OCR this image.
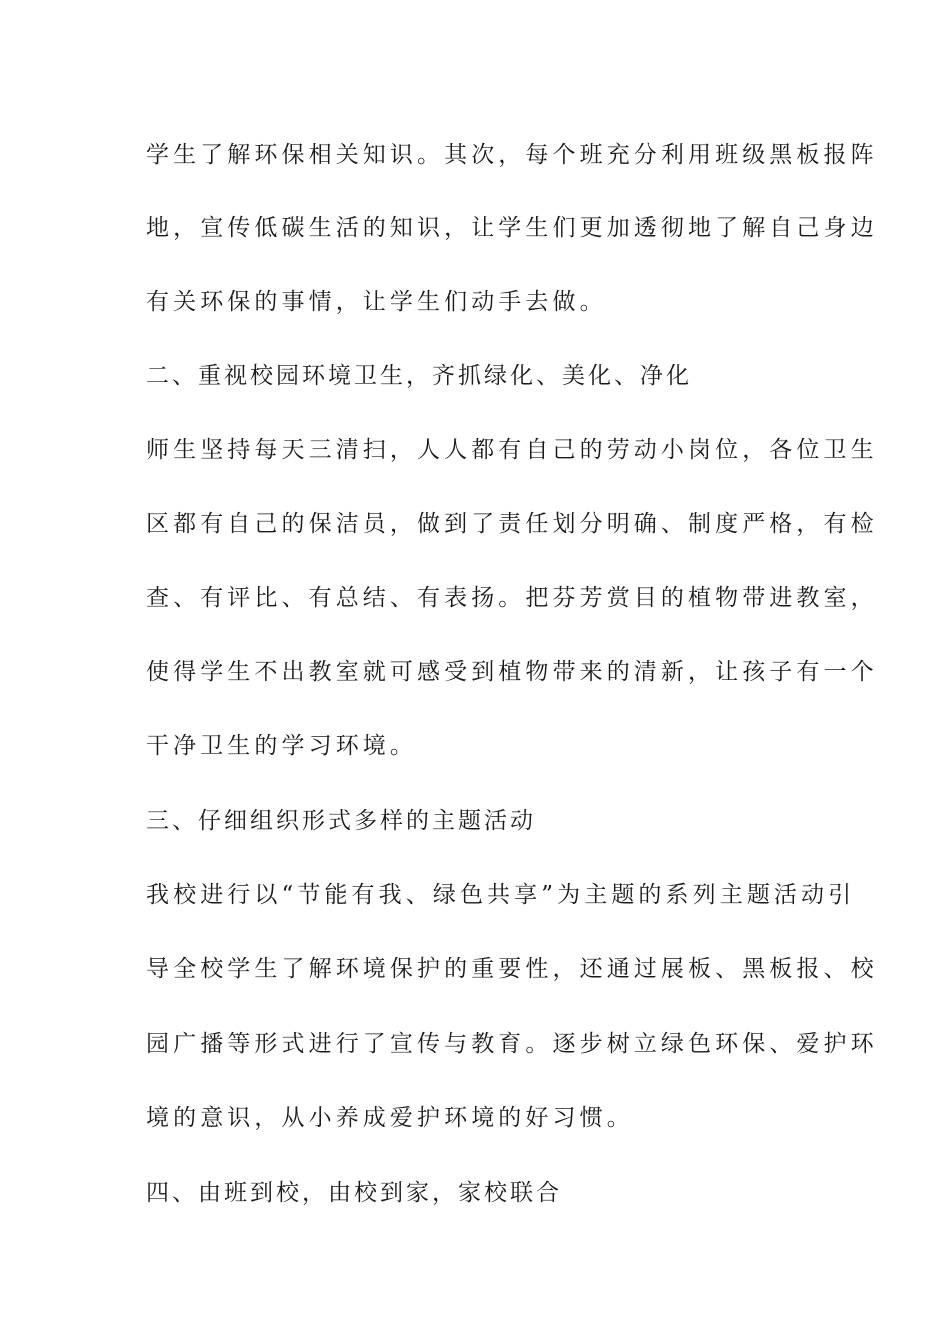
学生了解环保相关知识。其次，每个班充分利用班级黑板报阵
地，宣传低碳生活的知识，让学生们更加透彻地了解自己身边
有关环保的事情，让学生们动手去做。
二、重视校园环境卫生，齐抓绿化、美化、净化
师生坚持每天三清扫，人人都有自己的劳动小岗位，各位卫生
区都有自己的保洁员，做到了责任划分明确、制度严格，有检
查、有评比、有总结、有表扬。把芬芳赏目的植物带进教室，
使得学生不出教室就可感受到植物带来的清新，让孩子有一个
干净卫生的学习环境。
三、仔细组织形式多样的主题活动
我校进行以“节能有我、绿色共享”为主题的系列主题活动引
导全校学生了解环境保护的重要性，还通过展板、黑板报、校
园广播等形式进行了宣传与教育。逐步树立绿色环保、爱护环
境的意识，从小养成爱护环境的好习惯。
四、由班到校，由校到家，家校联合
